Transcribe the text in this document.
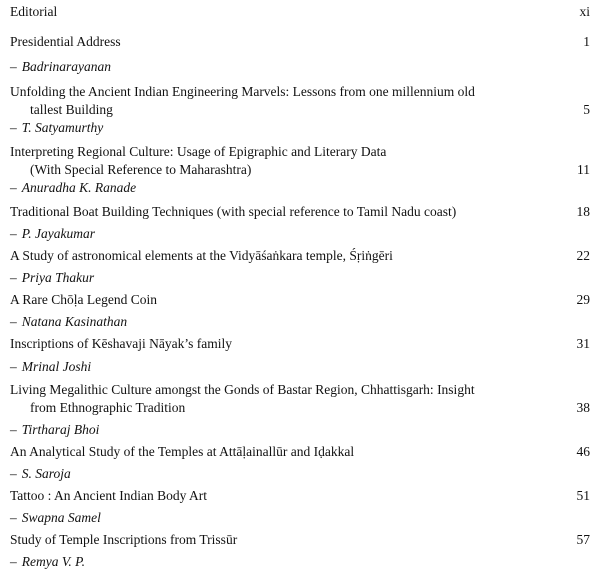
Editorial	xi
Presidential Address	1
– Badrinarayanan
Unfolding the Ancient Indian Engineering Marvels: Lessons from one millennium old
tallest Building	5
– T. Satyamurthy
Interpreting Regional Culture: Usage of Epigraphic and Literary Data
(With Special Reference to Maharashtra)	11
– Anuradha K. Ranade
Traditional Boat Building Techniques (with special reference to Tamil Nadu coast)	18
– P. Jayakumar
A Study of astronomical elements at the Vidyāśaṅkara temple, Śṛiṅgēri	22
– Priya Thakur
A Rare Chōḷa Legend Coin	29
– Natana Kasinathan
Inscriptions of Kēshavaji Nāyak’s family	31
– Mrinal Joshi
Living Megalithic Culture amongst the Gonds of Bastar Region, Chhattisgarh: Insight
from Ethnographic Tradition	38
– Tirtharaj Bhoi
An Analytical Study of the Temples at Attāḷainallūr and Iḍakkal	46
– S. Saroja
Tattoo : An Ancient Indian Body Art	51
– Swapna Samel
Study of Temple Inscriptions from Trissūr	57
– Remya V. P.
